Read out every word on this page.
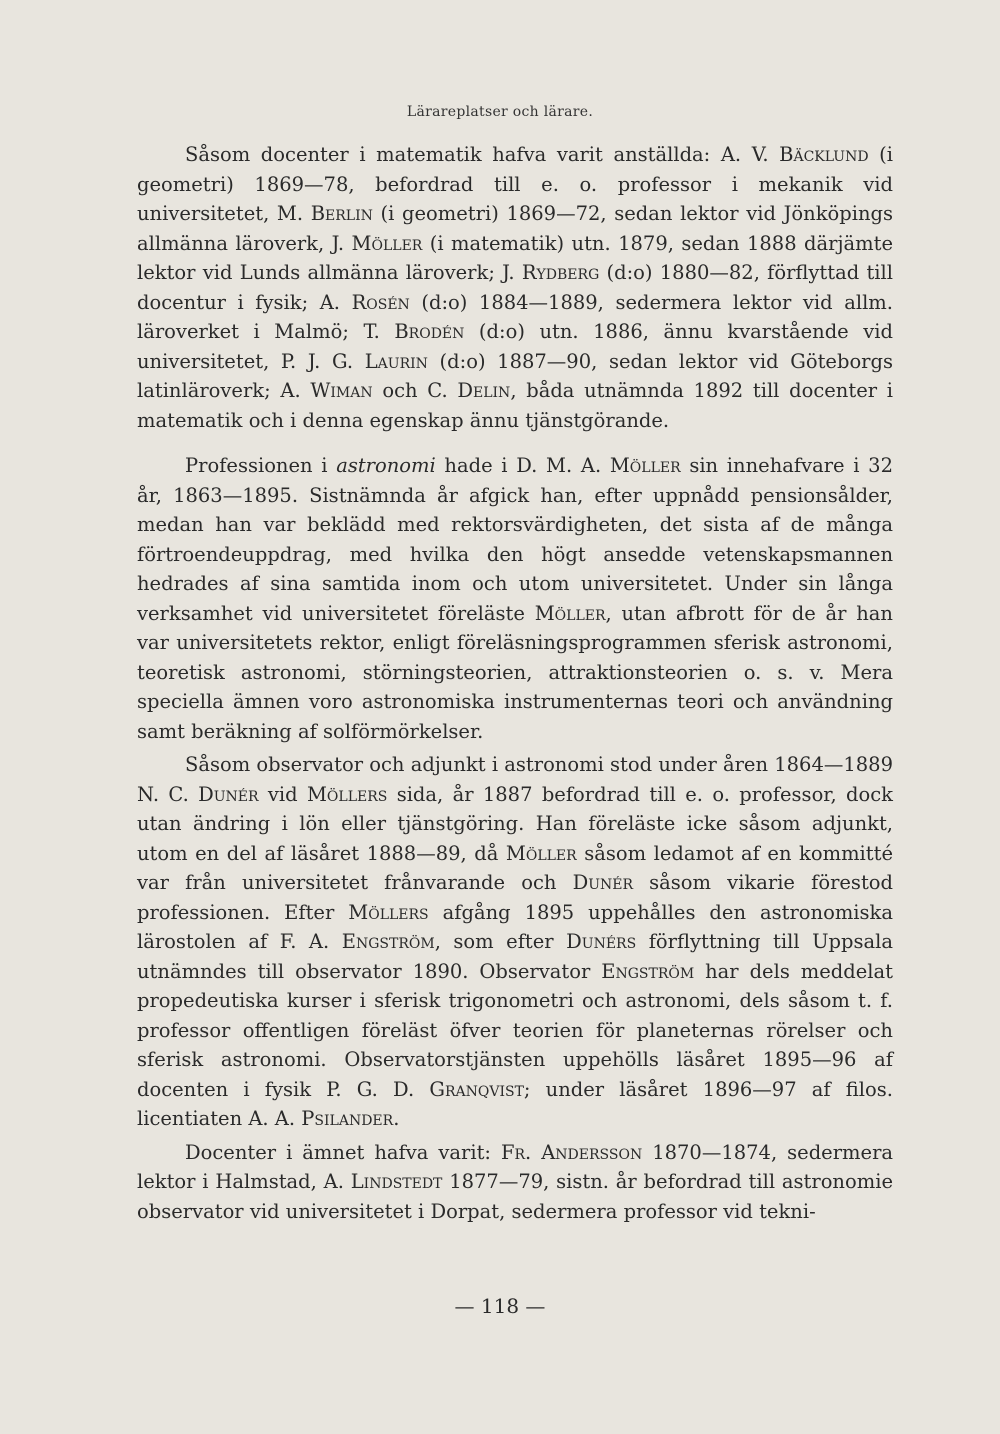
Lärareplatser och lärare.

Såsom docenter i matematik hafva varit anställda: A. V. Bäcklund (i geometri) 1869—78, befordrad till e. o. professor i mekanik vid universitetet, M. Berlin (i geometri) 1869—72, sedan lektor vid Jönköpings allmänna läroverk, J. Möller (i matematik) utn. 1879, sedan 1888 därjämte lektor vid Lunds allmänna läroverk; J. Rydberg (d:o) 1880—82, förflyttad till docentur i fysik; A. Rosén (d:o) 1884—1889, sedermera lektor vid allm. läroverket i Malmö; T. Brodén (d:o) utn. 1886, ännu kvarstående vid universitetet, P. J. G. Laurin (d:o) 1887—90, sedan lektor vid Göteborgs latinläroverk; A. Wiman och C. Delin, båda utnämnda 1892 till docenter i matematik och i denna egenskap ännu tjänstgörande.

Professionen i astronomi hade i D. M. A. Möller sin innehafvare i 32 år, 1863—1895. Sistnämnda år afgick han, efter uppnådd pensionsålder, medan han var beklädd med rektorsvärdigheten, det sista af de många förtroendeuppdrag, med hvilka den högt ansedde vetenskapsmannen hedrades af sina samtida inom och utom universitetet. Under sin långa verksamhet vid universitetet föreläste Möller, utan afbrott för de år han var universitetets rektor, enligt föreläsningsprogrammen sferisk astronomi, teoretisk astronomi, störningsteorien, attraktionsteorien o. s. v. Mera speciella ämnen voro astronomiska instrumenternas teori och användning samt beräkning af solförmörkelser.

Såsom observator och adjunkt i astronomi stod under åren 1864—1889 N. C. Dunér vid Möllers sida, år 1887 befordrad till e. o. professor, dock utan ändring i lön eller tjänstgöring. Han föreläste icke såsom adjunkt, utom en del af läsåret 1888—89, då Möller såsom ledamot af en kommitté var från universitetet frånvarande och Dunér såsom vikarie förestod professionen. Efter Möllers afgång 1895 uppehålles den astronomiska lärostolen af F. A. Engström, som efter Dunérs förflyttning till Uppsala utnämndes till observator 1890. Observator Engström har dels meddelat propedeutiska kurser i sferisk trigonometri och astronomi, dels såsom t. f. professor offentligen föreläst öfver teorien för planeternas rörelser och sferisk astronomi. Observatorstjänsten uppehölls läsåret 1895—96 af docenten i fysik P. G. D. Granqvist; under läsåret 1896—97 af filos. licentiaten A. A. Psilander.

Docenter i ämnet hafva varit: Fr. Andersson 1870—1874, sedermera lektor i Halmstad, A. Lindstedt 1877—79, sistn. år befordrad till astronomie observator vid universitetet i Dorpat, sedermera professor vid tekni-

— 118 —
